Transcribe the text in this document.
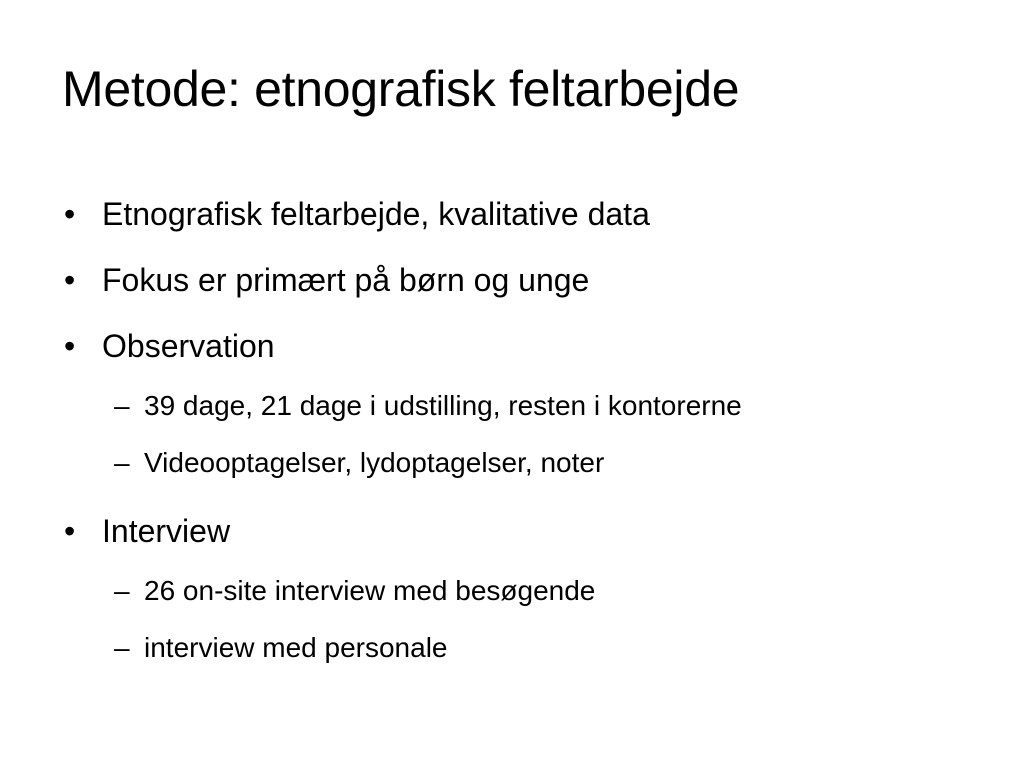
Metode: etnografisk feltarbejde
• Etnografisk feltarbejde, kvalitative data
• Fokus er primært på børn og unge
• Observation
– 39 dage, 21 dage i udstilling, resten i kontorerne
– Videooptagelser, lydoptagelser, noter
• Interview
– 26 on-site interview med besøgende
– interview med personale
